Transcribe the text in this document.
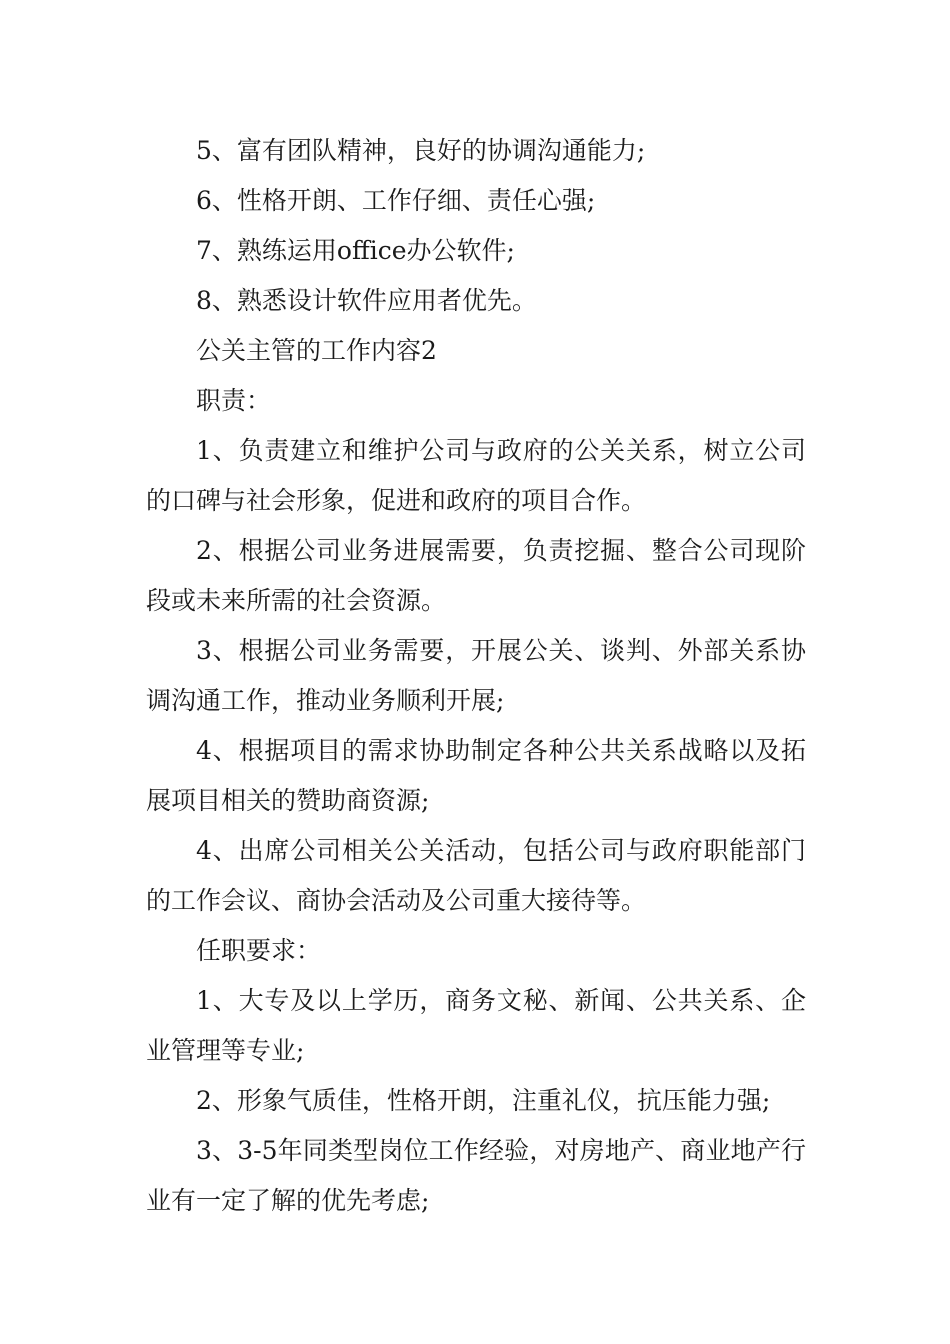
5、富有团队精神，良好的协调沟通能力;

6、性格开朗、工作仔细、责任心强;

7、熟练运用office办公软件;

8、熟悉设计软件应用者优先。

公关主管的工作内容2

职责：

1、负责建立和维护公司与政府的公关关系，树立公司的口碑与社会形象，促进和政府的项目合作。

2、根据公司业务进展需要，负责挖掘、整合公司现阶段或未来所需的社会资源。

3、根据公司业务需要，开展公关、谈判、外部关系协调沟通工作，推动业务顺利开展;

4、根据项目的需求协助制定各种公共关系战略以及拓展项目相关的赞助商资源;

4、出席公司相关公关活动，包括公司与政府职能部门的工作会议、商协会活动及公司重大接待等。

任职要求：

1、大专及以上学历，商务文秘、新闻、公共关系、企业管理等专业;

2、形象气质佳，性格开朗，注重礼仪，抗压能力强;

3、3-5年同类型岗位工作经验，对房地产、商业地产行业有一定了解的优先考虑;
